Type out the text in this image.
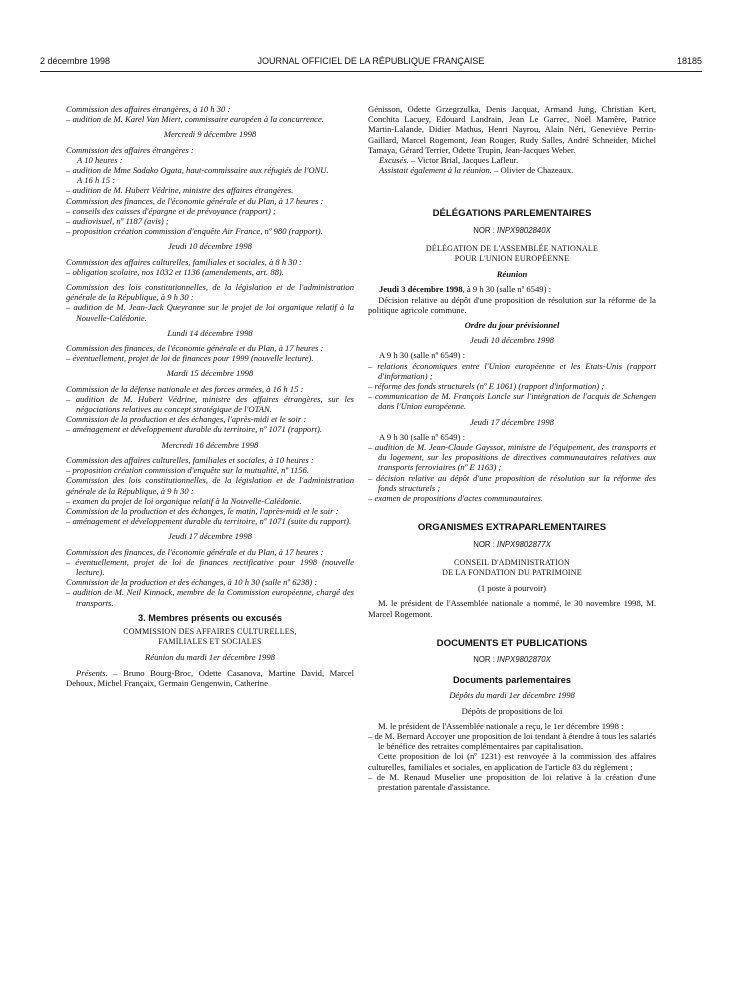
2 décembre 1998	JOURNAL OFFICIEL DE LA RÉPUBLIQUE FRANÇAISE	18185

Commission des affaires étrangères, à 10 h 30 :

– audition de M. Karel Van Miert, commissaire européen à la concurrence.

Mercredi 9 décembre 1998

Commission des affaires étrangères :

A 10 heures :

– audition de Mme Sadako Ogata, haut-commissaire aux réfugiés de l'ONU.

A 16 h 15 :

– audition de M. Hubert Védrine, ministre des affaires étrangères.

Commission des finances, de l'économie générale et du Plan, à 17 heures :

– conseils des caisses d'épargne et de prévoyance (rapport) ;

– audiovisuel, nº 1187 (avis) ;

– proposition création commission d'enquête Air France, nº 980 (rapport).

Jeudi 10 décembre 1998

Commission des affaires culturelles, familiales et sociales, à 8 h 30 :

– obligation scolaire, nos 1032 et 1136 (amendements, art. 88).

Commission des lois constitutionnelles, de la législation et de l'administration générale de la République, à 9 h 30 :

– audition de M. Jean-Jack Queyranne sur le projet de loi organique relatif à la Nouvelle-Calédonie.

Lundi 14 décembre 1998

Commission des finances, de l'économie générale et du Plan, à 17 heures :

– éventuellement, projet de loi de finances pour 1999 (nouvelle lecture).

Mardi 15 décembre 1998

Commission de la défense nationale et des forces armées, à 16 h 15 :

– audition de M. Hubert Védrine, ministre des affaires étrangères, sur les négociations relatives au concept stratégique de l'OTAN.

Commission de la production et des échanges, l'après-midi et le soir :

– aménagement et développement durable du territoire, nº 1071 (rapport).

Mercredi 16 décembre 1998

Commission des affaires culturelles, familiales et sociales, à 10 heures :

– proposition création commission d'enquête sur la mutualité, nº 1156.

Commission des lois constitutionnelles, de la législation et de l'administration générale de la République, à 9 h 30 :

– examen du projet de loi organique relatif à la Nouvelle-Calédonie.

Commission de la production et des échanges, le matin, l'après-midi et le soir :

– aménagement et développement durable du territoire, nº 1071 (suite du rapport).

Jeudi 17 décembre 1998

Commission des finances, de l'économie générale et du Plan, à 17 heures :

– éventuellement, projet de loi de finances rectificative pour 1998 (nouvelle lecture).

Commission de la production et des échanges, à 10 h 30 (salle nº 6238) :

– audition de M. Neil Kinnock, membre de la Commission européenne, chargé des transports.

3. Membres présents ou excusés

COMMISSION DES AFFAIRES CULTURELLES,

FAMILIALES ET SOCIALES

Réunion du mardi 1er décembre 1998

Présents. – Bruno Bourg-Broc, Odette Casanova, Martine David, Marcel Dehoux, Michel Françaix, Germain Gengenwin, Catherine

Génisson, Odette Grzegrzulka, Denis Jacquat, Armand Jung, Christian Kert, Conchita Lacuey, Edouard Landrain, Jean Le Garrec, Noël Mamère, Patrice Martin-Lalande, Didier Mathus, Henri Nayrou, Alain Néri, Geneviève Perrin-Gaillard, Marcel Rogemont, Jean Rouger, Rudy Salles, André Schneider, Michel Tamaya, Gérard Terrier, Odette Trupin, Jean-Jacques Weber.

Excusés. – Victor Brial, Jacques Lafleur.

Assistait également à la réunion. – Olivier de Chazeaux.

DÉLÉGATIONS PARLEMENTAIRES

NOR : INPX9802840X

DÉLÉGATION DE L'ASSEMBLÉE NATIONALE

POUR L'UNION EUROPÉENNE

Réunion

Jeudi 3 décembre 1998, à 9 h 30 (salle nº 6549) :

Décision relative au dépôt d'une proposition de résolution sur la réforme de la politique agricole commune.

Ordre du jour prévisionnel

Jeudi 10 décembre 1998

A 9 h 30 (salle nº 6549) :

– relations économiques entre l'Union européenne et les Etats-Unis (rapport d'information) ;

– réforme des fonds structurels (nº E 1061) (rapport d'information) ;

– communication de M. François Loncle sur l'intégration de l'acquis de Schengen dans l'Union européenne.

Jeudi 17 décembre 1998

A 9 h 30 (salle nº 6549) :

– audition de M. Jean-Claude Gayssot, ministre de l'équipement, des transports et du logement, sur les propositions de directives communautaires relatives aux transports ferroviaires (nº E 1163) ;

– décision relative au dépôt d'une proposition de résolution sur la réforme des fonds structurels ;

– examen de propositions d'actes communautaires.

ORGANISMES EXTRAPARLEMENTAIRES

NOR : INPX9802877X

CONSEIL D'ADMINISTRATION

DE LA FONDATION DU PATRIMOINE

(1 poste à pourvoir)

M. le président de l'Assemblée nationale a nommé, le 30 novembre 1998, M. Marcel Rogemont.

DOCUMENTS ET PUBLICATIONS

NOR : INPX9802870X

Documents parlementaires

Dépôts du mardi 1er décembre 1998

Dépôts de propositions de loi

M. le président de l'Assemblée nationale a reçu, le 1er décembre 1998 :

– de M. Bernard Accoyer une proposition de loi tendant à étendre à tous les salariés le bénéfice des retraites complémentaires par capitalisation.

Cette proposition de loi (nº 1231) est renvoyée à la commission des affaires culturelles, familiales et sociales, en application de l'article 83 du règlement ;

– de M. Renaud Muselier une proposition de loi relative à la création d'une prestation parentale d'assistance.
